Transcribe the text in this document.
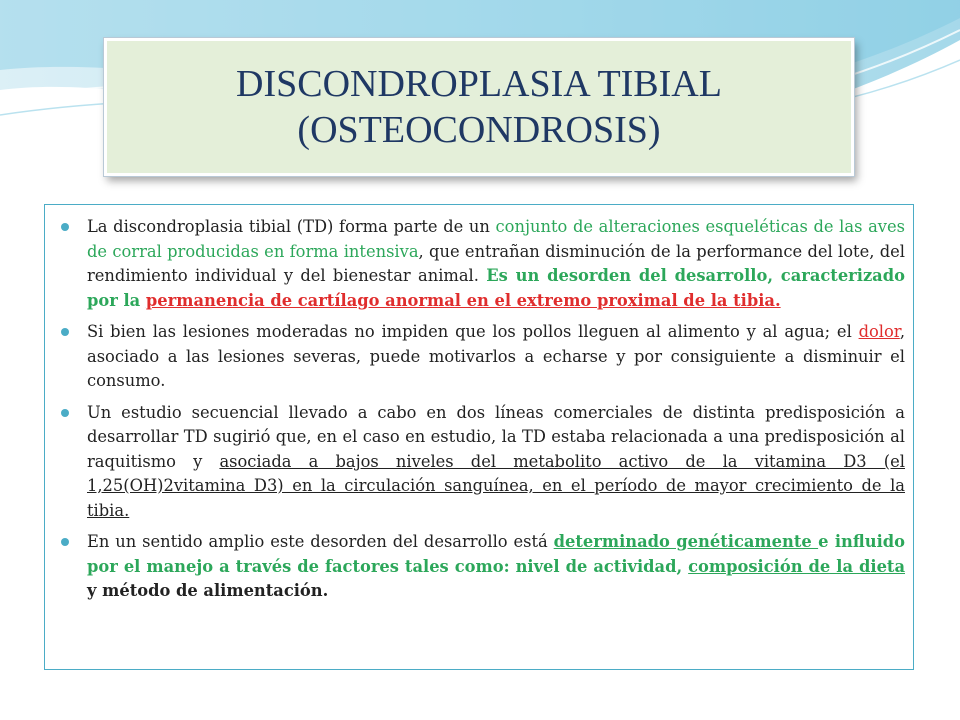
DISCONDROPLASIA TIBIAL
(OSTEOCONDROSIS)
La discondroplasia tibial (TD) forma parte de un conjunto de alteraciones esqueléticas de las aves de corral producidas en forma intensiva, que entrañan disminución de la performance del lote, del rendimiento individual y del bienestar animal. Es un desorden del desarrollo, caracterizado por la permanencia de cartílago anormal en el extremo proximal de la tibia.
Si bien las lesiones moderadas no impiden que los pollos lleguen al alimento y al agua; el dolor, asociado a las lesiones severas, puede motivarlos a echarse y por consiguiente a disminuir el consumo.
Un estudio secuencial llevado a cabo en dos líneas comerciales de distinta predisposición a desarrollar TD sugirió que, en el caso en estudio, la TD estaba relacionada a una predisposición al raquitismo y asociada a bajos niveles del metabolito activo de la vitamina D3 (el 1,25(OH)2vitamina D3) en la circulación sanguínea, en el período de mayor crecimiento de la tibia.
En un sentido amplio este desorden del desarrollo está determinado genéticamente e influido por el manejo a través de factores tales como: nivel de actividad, composición de la dieta y método de alimentación.
